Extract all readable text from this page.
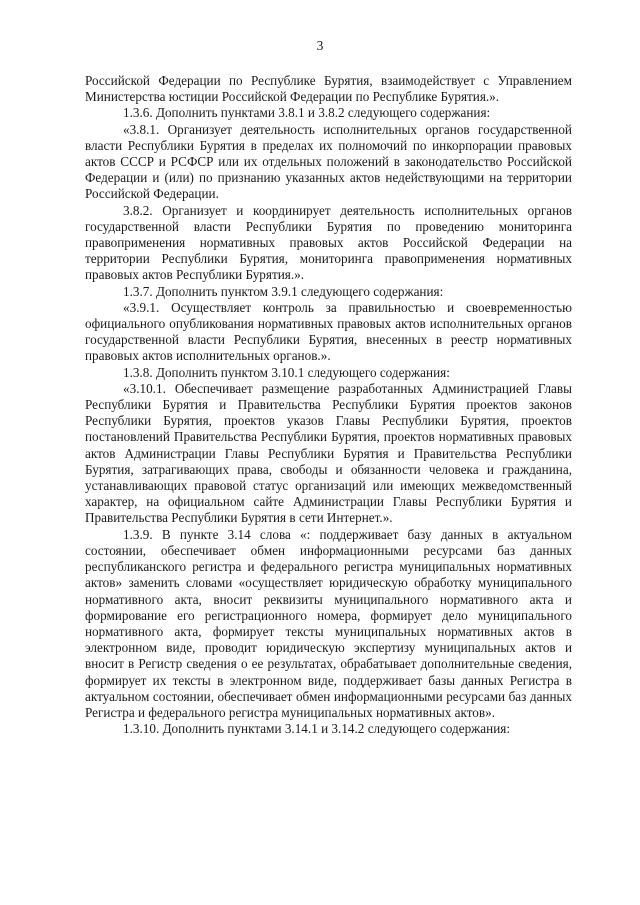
3

Российской Федерации по Республике Бурятия, взаимодействует с Управлением Министерства юстиции Российской Федерации по Республике Бурятия.».

1.3.6. Дополнить пунктами 3.8.1 и 3.8.2 следующего содержания:

«3.8.1. Организует деятельность исполнительных органов государственной власти Республики Бурятия в пределах их полномочий по инкорпорации правовых актов СССР и РСФСР или их отдельных положений в законодательство Российской Федерации и (или) по признанию указанных актов недействующими на территории Российской Федерации.

3.8.2. Организует и координирует деятельность исполнительных органов государственной власти Республики Бурятия по проведению мониторинга правоприменения нормативных правовых актов Российской Федерации на территории Республики Бурятия, мониторинга правоприменения нормативных правовых актов Республики Бурятия.».

1.3.7. Дополнить пунктом 3.9.1 следующего содержания:

«3.9.1. Осуществляет контроль за правильностью и своевременностью официального опубликования нормативных правовых актов исполнительных органов государственной власти Республики Бурятия, внесенных в реестр нормативных правовых актов исполнительных органов.».

1.3.8. Дополнить пунктом 3.10.1 следующего содержания:

«3.10.1. Обеспечивает размещение разработанных Администрацией Главы Республики Бурятия и Правительства Республики Бурятия проектов законов Республики Бурятия, проектов указов Главы Республики Бурятия, проектов постановлений Правительства Республики Бурятия, проектов нормативных правовых актов Администрации Главы Республики Бурятия и Правительства Республики Бурятия, затрагивающих права, свободы и обязанности человека и гражданина, устанавливающих правовой статус организаций или имеющих межведомственный характер, на официальном сайте Администрации Главы Республики Бурятия и Правительства Республики Бурятия в сети Интернет.».

1.3.9. В пункте 3.14 слова «: поддерживает базу данных в актуальном состоянии, обеспечивает обмен информационными ресурсами баз данных республиканского регистра и федерального регистра муниципальных нормативных актов» заменить словами «осуществляет юридическую обработку муниципального нормативного акта, вносит реквизиты муниципального нормативного акта и формирование его регистрационного номера, формирует дело муниципального нормативного акта, формирует тексты муниципальных нормативных актов в электронном виде, проводит юридическую экспертизу муниципальных актов и вносит в Регистр сведения о ее результатах, обрабатывает дополнительные сведения, формирует их тексты в электронном виде, поддерживает базы данных Регистра в актуальном состоянии, обеспечивает обмен информационными ресурсами баз данных Регистра и федерального регистра муниципальных нормативных актов».

1.3.10. Дополнить пунктами 3.14.1 и 3.14.2 следующего содержания:
